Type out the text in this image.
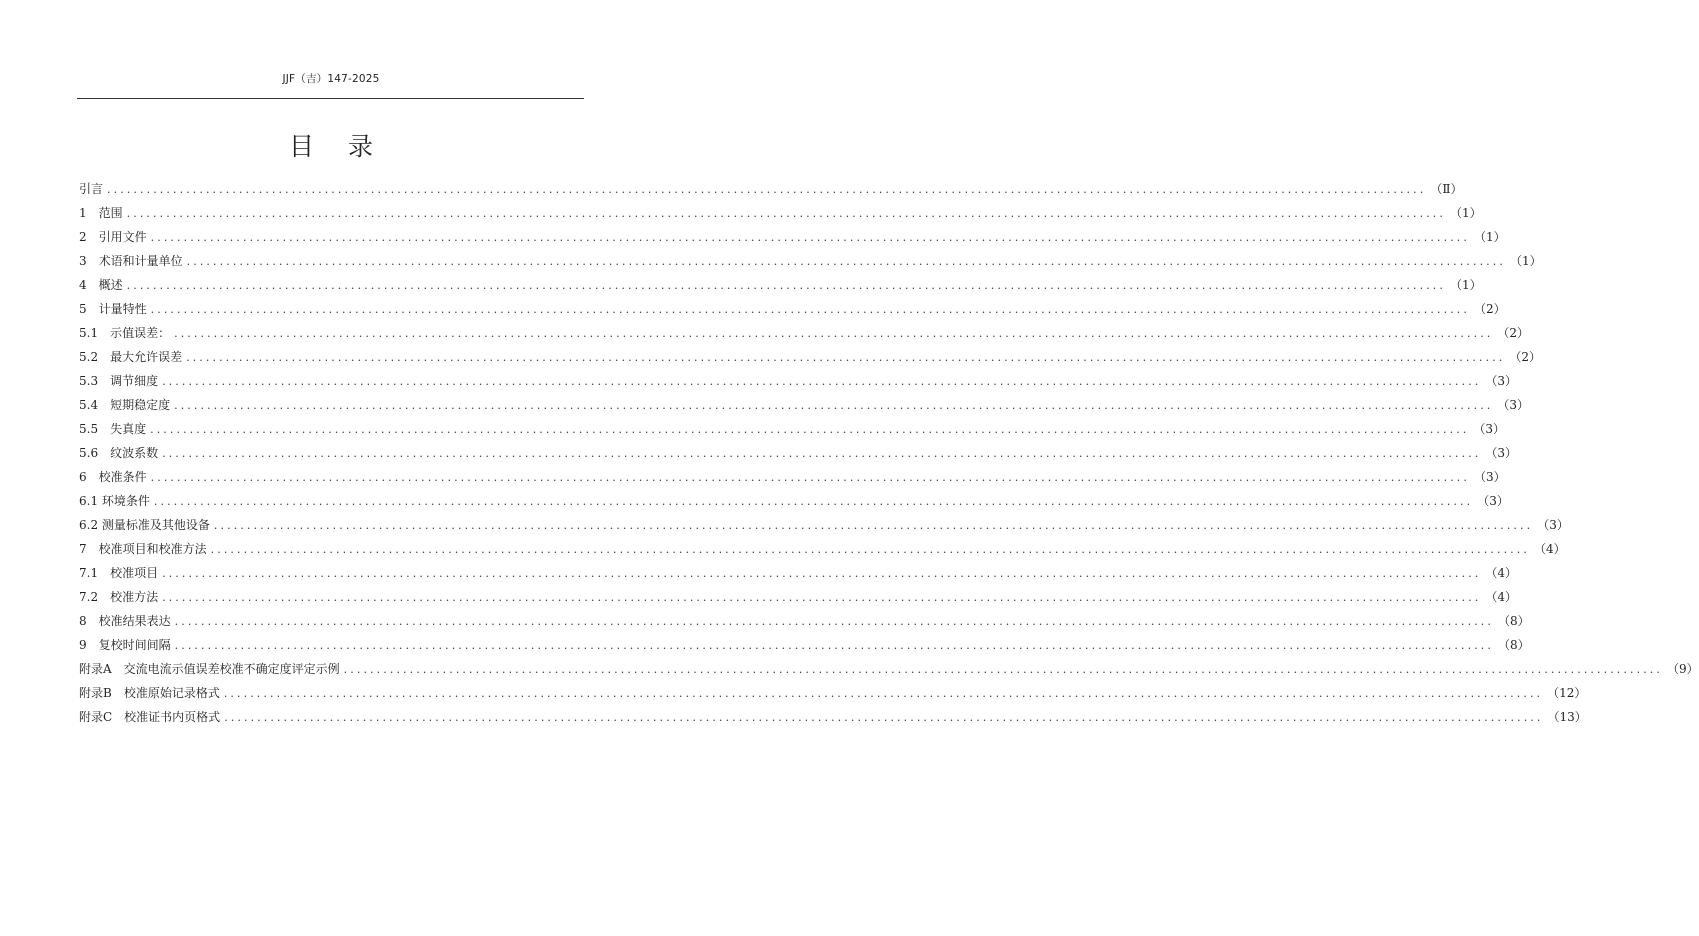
JJF（吉）147-2025
目录
引言 ........................................................................................................................................................................................................ （Ⅱ）
1　范围 ........................................................................................................................................................................................................ （1）
2　引用文件 ........................................................................................................................................................................................................ （1）
3　术语和计量单位 ........................................................................................................................................................................................................ （1）
4　概述 ........................................................................................................................................................................................................ （1）
5　计量特性 ........................................................................................................................................................................................................ （2）
5.1　示值误差： ........................................................................................................................................................................................................ （2）
5.2　最大允许误差 ........................................................................................................................................................................................................ （2）
5.3　调节细度 ........................................................................................................................................................................................................ （3）
5.4　短期稳定度 ........................................................................................................................................................................................................ （3）
5.5　失真度 ........................................................................................................................................................................................................ （3）
5.6　纹波系数 ........................................................................................................................................................................................................ （3）
6　校准条件 ........................................................................................................................................................................................................ （3）
6.1 环境条件 ........................................................................................................................................................................................................ （3）
6.2 测量标准及其他设备 ........................................................................................................................................................................................................ （3）
7　校准项目和校准方法 ........................................................................................................................................................................................................ （4）
7.1　校准项目 ........................................................................................................................................................................................................ （4）
7.2　校准方法 ........................................................................................................................................................................................................ （4）
8　校准结果表达 ........................................................................................................................................................................................................ （8）
9　复校时间间隔 ........................................................................................................................................................................................................ （8）
附录A　交流电流示值误差校准不确定度评定示例 ........................................................................................................................................................................................................ （9）
附录B　校准原始记录格式 ........................................................................................................................................................................................................ （12）
附录C　校准证书内页格式 ........................................................................................................................................................................................................ （13）
